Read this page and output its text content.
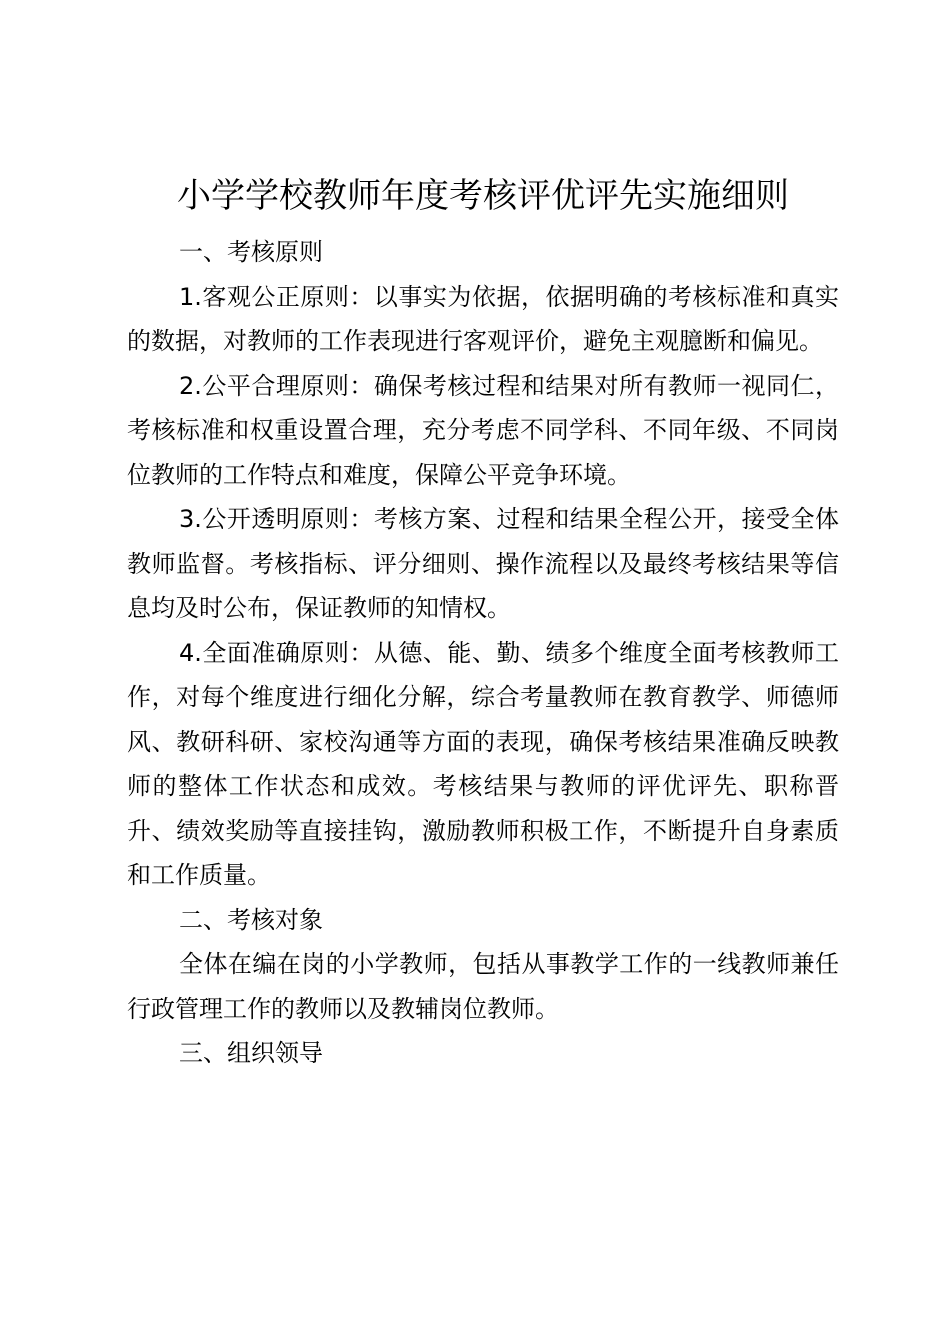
小学学校教师年度考核评优评先实施细则

一、考核原则

1.客观公正原则：以事实为依据，依据明确的考核标准和真实的数据，对教师的工作表现进行客观评价，避免主观臆断和偏见。

2.公平合理原则：确保考核过程和结果对所有教师一视同仁，考核标准和权重设置合理，充分考虑不同学科、不同年级、不同岗位教师的工作特点和难度，保障公平竞争环境。

3.公开透明原则：考核方案、过程和结果全程公开，接受全体教师监督。考核指标、评分细则、操作流程以及最终考核结果等信息均及时公布，保证教师的知情权。

4.全面准确原则：从德、能、勤、绩多个维度全面考核教师工作，对每个维度进行细化分解，综合考量教师在教育教学、师德师风、教研科研、家校沟通等方面的表现，确保考核结果准确反映教师的整体工作状态和成效。考核结果与教师的评优评先、职称晋升、绩效奖励等直接挂钩，激励教师积极工作，不断提升自身素质和工作质量。

二、考核对象

全体在编在岗的小学教师，包括从事教学工作的一线教师兼任行政管理工作的教师以及教辅岗位教师。

三、组织领导
